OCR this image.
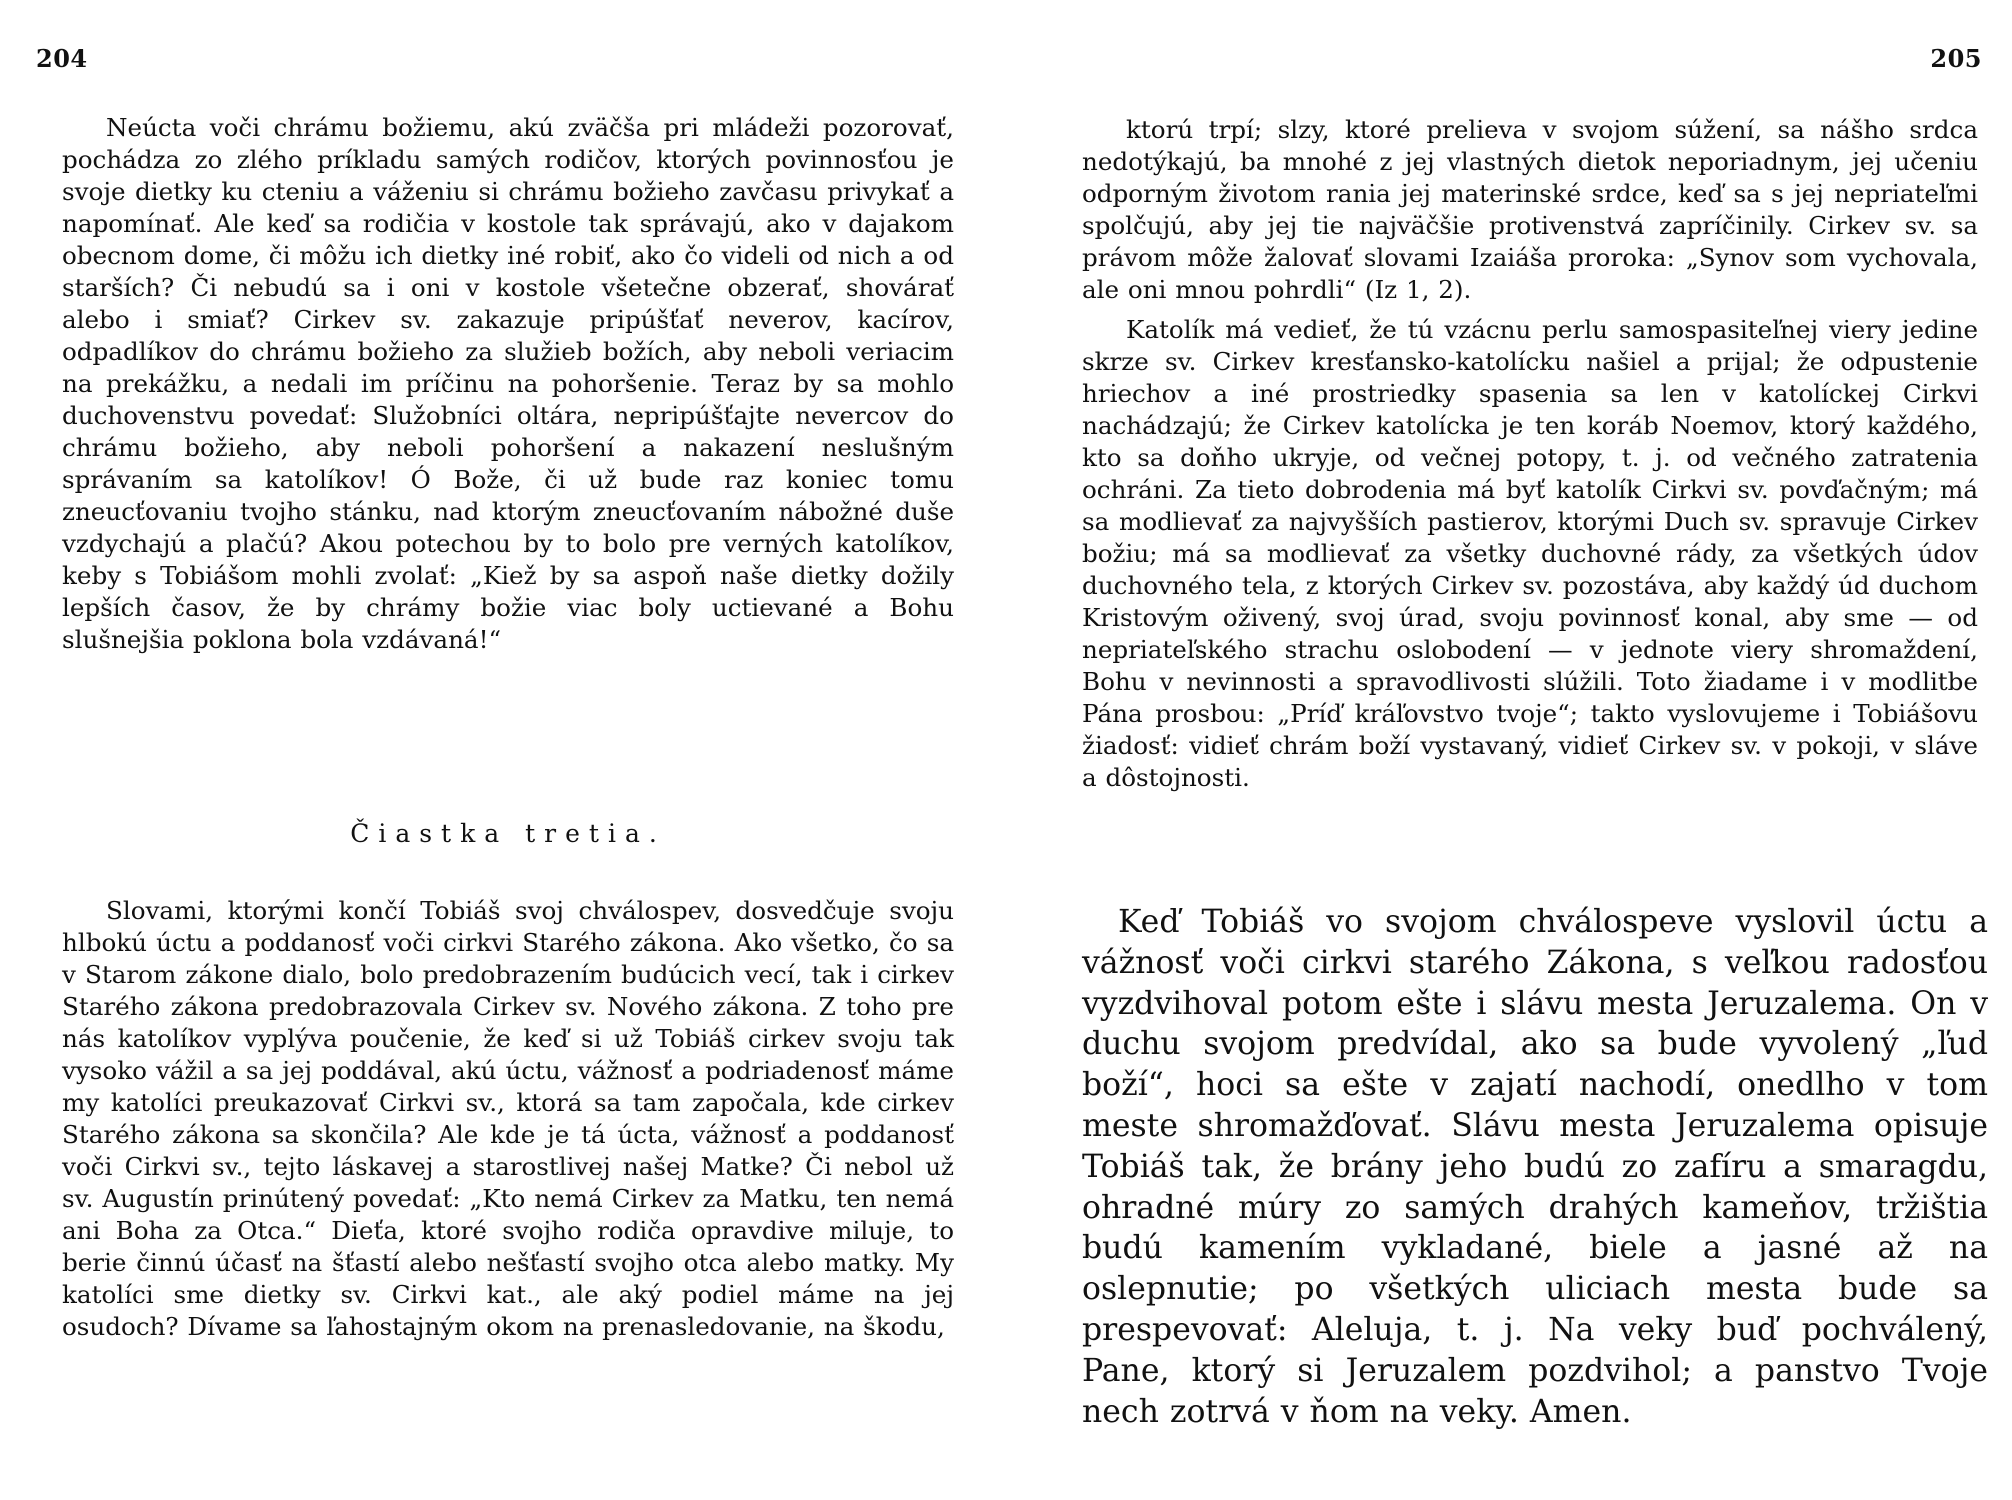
204

Neúcta voči chrámu božiemu, akú zväčša pri mládeži pozorovať, pochádza zo zlého príkladu samých rodičov, ktorých povinnosťou je svoje dietky ku cteniu a váženiu si chrámu božieho zavčasu privykať a napomínať. Ale keď sa rodičia v kostole tak správajú, ako v dajakom obecnom dome, či môžu ich dietky iné robiť, ako čo videli od nich a od starších? Či nebudú sa i oni v kostole všetečne obzerať, shovárať alebo i smiať? Cirkev sv. zakazuje pripúšťať neverov, kacírov, odpadlíkov do chrámu božieho za služieb božích, aby neboli veriacim na prekážku, a nedali im príčinu na pohoršenie. Teraz by sa mohlo duchovenstvu povedať: Služobníci oltára, nepripúšťajte nevercov do chrámu božieho, aby neboli pohoršení a nakazení neslušným správaním sa katolíkov! Ó Bože, či už bude raz koniec tomu zneucťovaniu tvojho stánku, nad ktorým zneucťovaním nábožné duše vzdychajú a plačú? Akou potechou by to bolo pre verných katolíkov, keby s Tobiášom mohli zvolať: „Kiež by sa aspoň naše dietky dožily lepších časov, že by chrámy božie viac boly uctievané a Bohu slušnejšia poklona bola vzdávaná!“

Čiastka tretia.

Slovami, ktorými končí Tobiáš svoj chválospev, dosvedčuje svoju hlbokú úctu a poddanosť voči cirkvi Starého zákona. Ako všetko, čo sa v Starom zákone dialo, bolo predobrazením budúcich vecí, tak i cirkev Starého zákona predobrazovala Cirkev sv. Nového zákona. Z toho pre nás katolíkov vyplýva poučenie, že keď si už Tobiáš cirkev svoju tak vysoko vážil a sa jej poddával, akú úctu, vážnosť a podriadenosť máme my katolíci preukazovať Cirkvi sv., ktorá sa tam započala, kde cirkev Starého zákona sa skončila? Ale kde je tá úcta, vážnosť a poddanosť voči Cirkvi sv., tejto láskavej a starostlivej našej Matke? Či nebol už sv. Augustín prinútený povedať: „Kto nemá Cirkev za Matku, ten nemá ani Boha za Otca.“ Dieťa, ktoré svojho rodiča opravdive miluje, to berie činnú účasť na šťastí alebo nešťastí svojho otca alebo matky. My katolíci sme dietky sv. Cirkvi kat., ale aký podiel máme na jej osudoch? Dívame sa ľahostajným okom na prenasledovanie, na škodu,

205

ktorú trpí; slzy, ktoré prelieva v svojom súžení, sa nášho srdca nedotýkajú, ba mnohé z jej vlastných dietok neporiadnym, jej učeniu odporným životom rania jej materinské srdce, keď sa s jej nepriateľmi spolčujú, aby jej tie najväčšie protivenstvá zapríčinily. Cirkev sv. sa právom môže žalovať slovami Izaiáša proroka: „Synov som vychovala, ale oni mnou pohrdli“ (Iz 1, 2).

Katolík má vedieť, že tú vzácnu perlu samospasiteľnej viery jedine skrze sv. Cirkev kresťansko-katolícku našiel a prijal; že odpustenie hriechov a iné prostriedky spasenia sa len v katolíckej Cirkvi nachádzajú; že Cirkev katolícka je ten koráb Noemov, ktorý každého, kto sa doňho ukryje, od večnej potopy, t. j. od večného zatratenia ochráni. Za tieto dobrodenia má byť katolík Cirkvi sv. povďačným; má sa modlievať za najvyšších pastierov, ktorými Duch sv. spravuje Cirkev božiu; má sa modlievať za všetky duchovné rády, za všetkých údov duchovného tela, z ktorých Cirkev sv. pozostáva, aby každý úd duchom Kristovým oživený, svoj úrad, svoju povinnosť konal, aby sme — od nepriateľského strachu oslobodení — v jednote viery shromaždení, Bohu v nevinnosti a spravodlivosti slúžili. Toto žiadame i v modlitbe Pána prosbou: „Príď kráľovstvo tvoje“; takto vyslovujeme i Tobiášovu žiadosť: vidieť chrám boží vystavaný, vidieť Cirkev sv. v pokoji, v sláve a dôstojnosti.

Keď Tobiáš vo svojom chválospeve vyslovil úctu a vážnosť voči cirkvi starého Zákona, s veľkou radosťou vyzdvihoval potom ešte i slávu mesta Jeruzalema. On v duchu svojom predvídal, ako sa bude vyvolený „ľud boží“, hoci sa ešte v zajatí nachodí, onedlho v tom meste shromažďovať. Slávu mesta Jeruzalema opisuje Tobiáš tak, že brány jeho budú zo zafíru a smaragdu, ohradné múry zo samých drahých kameňov, tržištia budú kamením vykladané, biele a jasné až na oslepnutie; po všetkých uliciach mesta bude sa prespevovať: Aleluja, t. j. Na veky buď pochválený, Pane, ktorý si Jeruzalem pozdvihol; a panstvo Tvoje nech zotrvá v ňom na veky. Amen.
